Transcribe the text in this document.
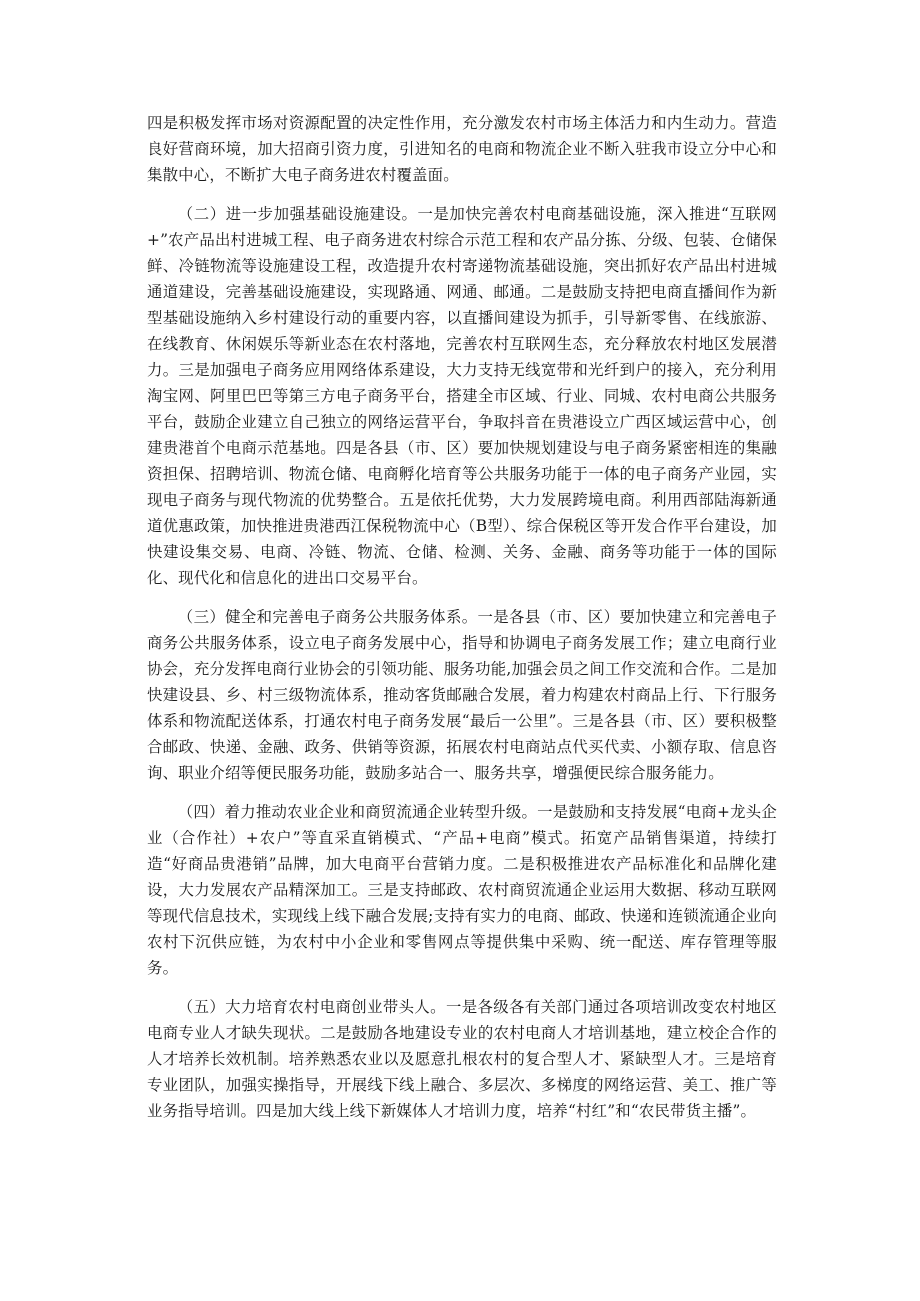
四是积极发挥市场对资源配置的决定性作用，充分激发农村市场主体活力和内生动力。营造良好营商环境，加大招商引资力度，引进知名的电商和物流企业不断入驻我市设立分中心和集散中心，不断扩大电子商务进农村覆盖面。

（二）进一步加强基础设施建设。一是加快完善农村电商基础设施，深入推进“互联网+”农产品出村进城工程、电子商务进农村综合示范工程和农产品分拣、分级、包装、仓储保鲜、冷链物流等设施建设工程，改造提升农村寄递物流基础设施，突出抓好农产品出村进城通道建设，完善基础设施建设，实现路通、网通、邮通。二是鼓励支持把电商直播间作为新型基础设施纳入乡村建设行动的重要内容，以直播间建设为抓手，引导新零售、在线旅游、在线教育、休闲娱乐等新业态在农村落地，完善农村互联网生态，充分释放农村地区发展潜力。三是加强电子商务应用网络体系建设，大力支持无线宽带和光纤到户的接入，充分利用淘宝网、阿里巴巴等第三方电子商务平台，搭建全市区域、行业、同城、农村电商公共服务平台，鼓励企业建立自己独立的网络运营平台，争取抖音在贵港设立广西区域运营中心，创建贵港首个电商示范基地。四是各县（市、区）要加快规划建设与电子商务紧密相连的集融资担保、招聘培训、物流仓储、电商孵化培育等公共服务功能于一体的电子商务产业园，实现电子商务与现代物流的优势整合。五是依托优势，大力发展跨境电商。利用西部陆海新通道优惠政策，加快推进贵港西江保税物流中心（B型）、综合保税区等开发合作平台建设，加快建设集交易、电商、冷链、物流、仓储、检测、关务、金融、商务等功能于一体的国际化、现代化和信息化的进出口交易平台。

（三）健全和完善电子商务公共服务体系。一是各县（市、区）要加快建立和完善电子商务公共服务体系，设立电子商务发展中心，指导和协调电子商务发展工作；建立电商行业协会，充分发挥电商行业协会的引领功能、服务功能,加强会员之间工作交流和合作。二是加快建设县、乡、村三级物流体系，推动客货邮融合发展，着力构建农村商品上行、下行服务体系和物流配送体系，打通农村电子商务发展“最后一公里”。三是各县（市、区）要积极整合邮政、快递、金融、政务、供销等资源，拓展农村电商站点代买代卖、小额存取、信息咨询、职业介绍等便民服务功能，鼓励多站合一、服务共享，增强便民综合服务能力。

（四）着力推动农业企业和商贸流通企业转型升级。一是鼓励和支持发展“电商+龙头企业（合作社）+农户”等直采直销模式、“产品+电商”模式。拓宽产品销售渠道，持续打造“好商品贵港销”品牌，加大电商平台营销力度。二是积极推进农产品标准化和品牌化建设，大力发展农产品精深加工。三是支持邮政、农村商贸流通企业运用大数据、移动互联网等现代信息技术，实现线上线下融合发展;支持有实力的电商、邮政、快递和连锁流通企业向农村下沉供应链，为农村中小企业和零售网点等提供集中采购、统一配送、库存管理等服务。

（五）大力培育农村电商创业带头人。一是各级各有关部门通过各项培训改变农村地区电商专业人才缺失现状。二是鼓励各地建设专业的农村电商人才培训基地，建立校企合作的人才培养长效机制。培养熟悉农业以及愿意扎根农村的复合型人才、紧缺型人才。三是培育专业团队，加强实操指导，开展线下线上融合、多层次、多梯度的网络运营、美工、推广等业务指导培训。四是加大线上线下新媒体人才培训力度，培养“村红”和“农民带货主播”。
